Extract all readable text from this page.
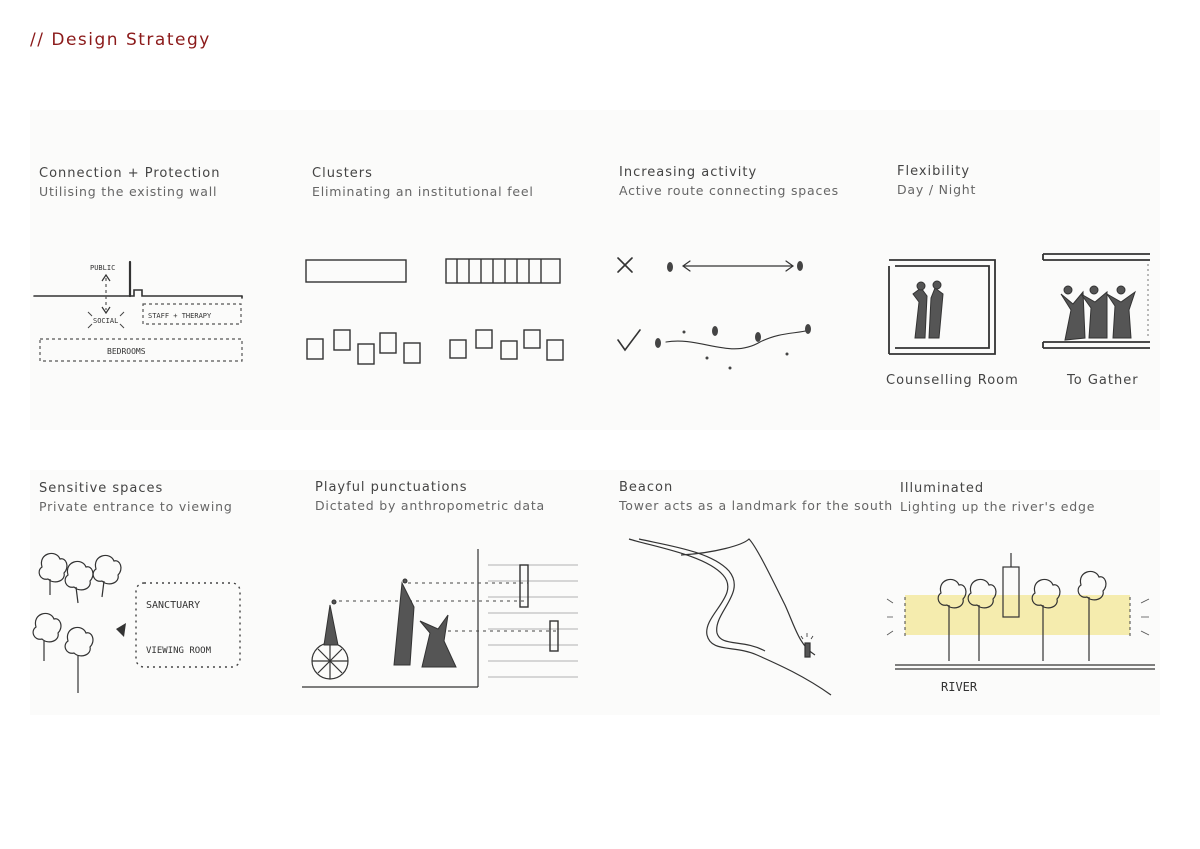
// Design Strategy
Connection + Protection
Utilising the existing wall
Clusters
Eliminating an institutional feel
Increasing activity
Active route connecting spaces
Flexibility
Day / Night
Sensitive spaces
Private entrance to viewing
Playful punctuations
Dictated by anthropometric data
Beacon
Tower acts as a landmark for the south
Illuminated
Lighting up the river's edge
PUBLIC
SOCIAL
STAFF + THERAPY
BEDROOMS
Counselling Room	To Gather
SANCTUARY
VIEWING ROOM
RIVER
